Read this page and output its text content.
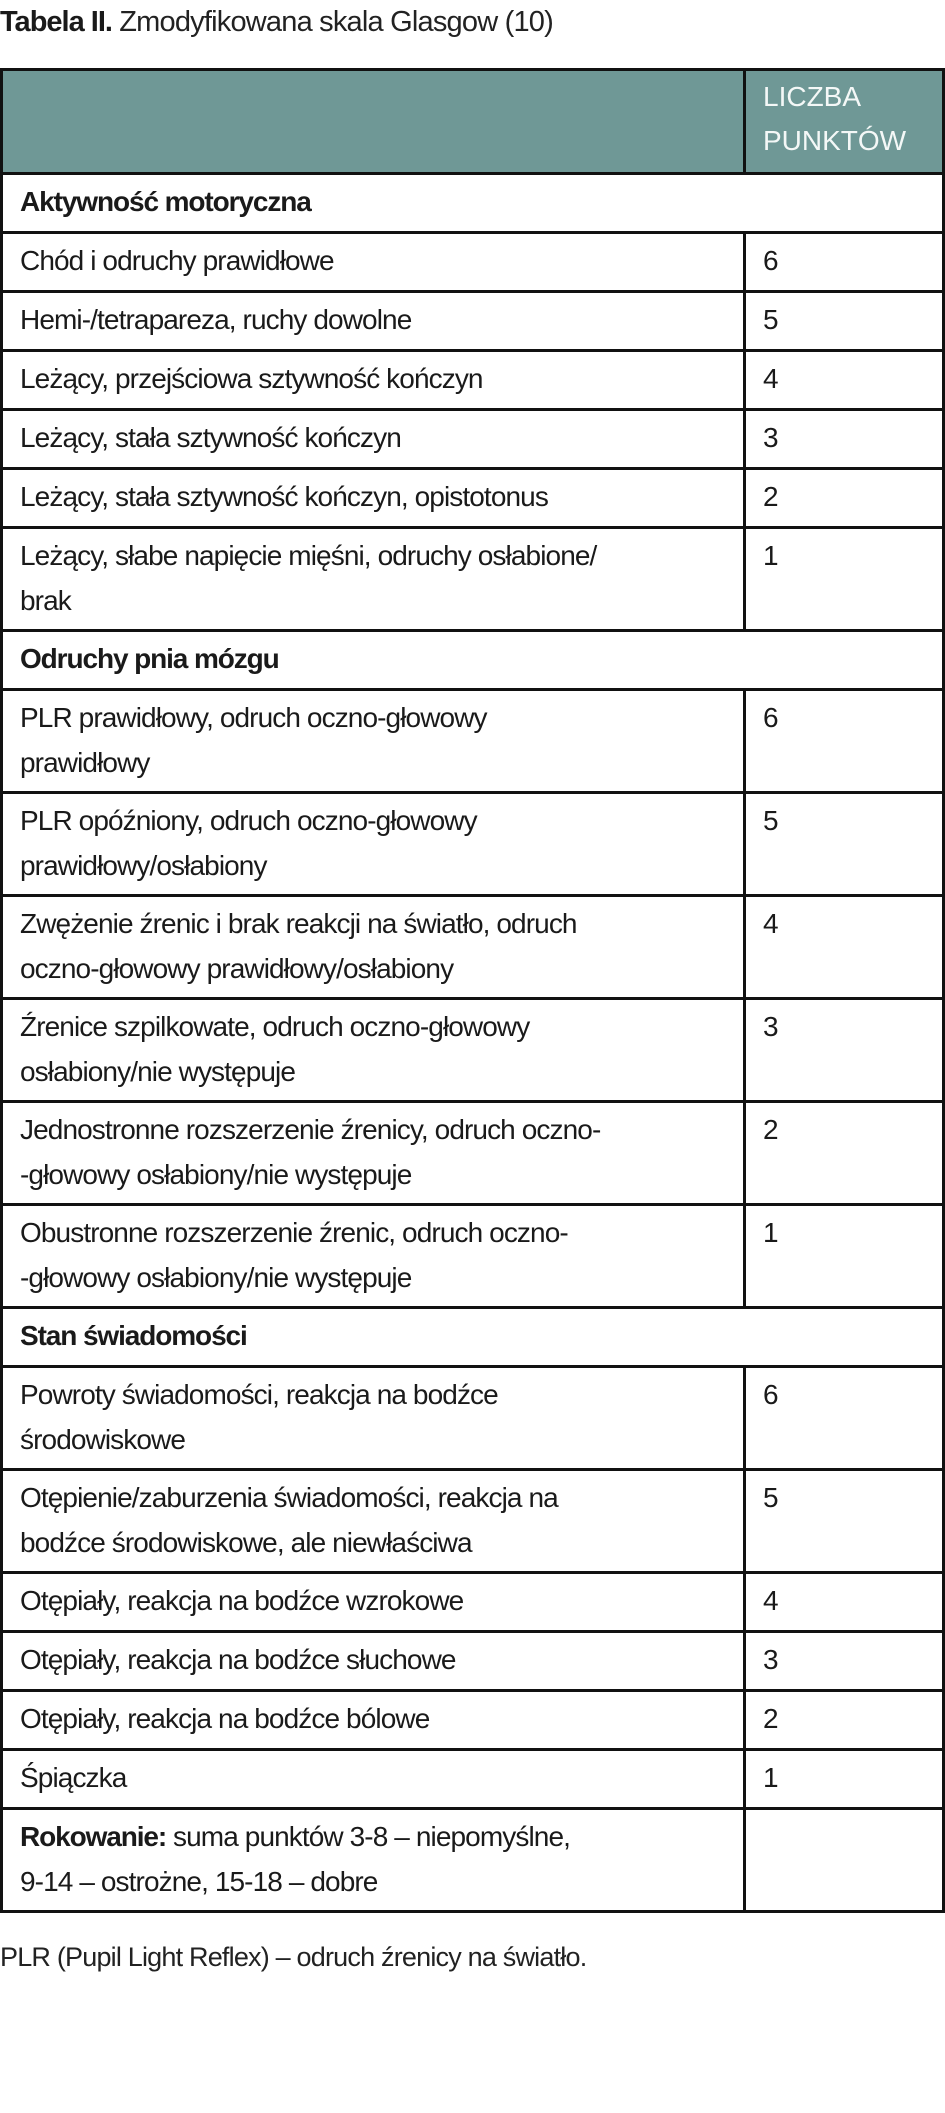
Tabela II. Zmodyfikowana skala Glasgow (10)

	LICZBA
PUNKTÓW

Aktywność motoryczna	
Chód i odruchy prawidłowe	6
Hemi-/tetrapareza, ruchy dowolne	5
Leżący, przejściowa sztywność kończyn	4
Leżący, stała sztywność kończyn	3
Leżący, stała sztywność kończyn, opistotonus	2

Leżący, słabe napięcie mięśni, odruchy osłabione/
brak	1
Odruchy pnia mózgu	

PLR prawidłowy, odruch oczno-głowowy
prawidłowy	6

PLR opóźniony, odruch oczno-głowowy
prawidłowy/osłabiony	5

Zwężenie źrenic i brak reakcji na światło, odruch
oczno-głowowy prawidłowy/osłabiony	4

Źrenice szpilkowate, odruch oczno-głowowy
osłabiony/nie występuje	3

Jednostronne rozszerzenie źrenicy, odruch oczno-
-głowowy osłabiony/nie występuje	2

Obustronne rozszerzenie źrenic, odruch oczno-
-głowowy osłabiony/nie występuje	1
Stan świadomości	

Powroty świadomości, reakcja na bodźce
środowiskowe	6

Otępienie/zaburzenia świadomości, reakcja na
bodźce środowiskowe, ale niewłaściwa	5
Otępiały, reakcja na bodźce wzrokowe	4
Otępiały, reakcja na bodźce słuchowe	3
Otępiały, reakcja na bodźce bólowe	2
Śpiączka	1

Rokowanie: suma punktów 3-8 – niepomyślne,
9-14 – ostrożne, 15-18 – dobre	

PLR (Pupil Light Reflex) – odruch źrenicy na światło.
